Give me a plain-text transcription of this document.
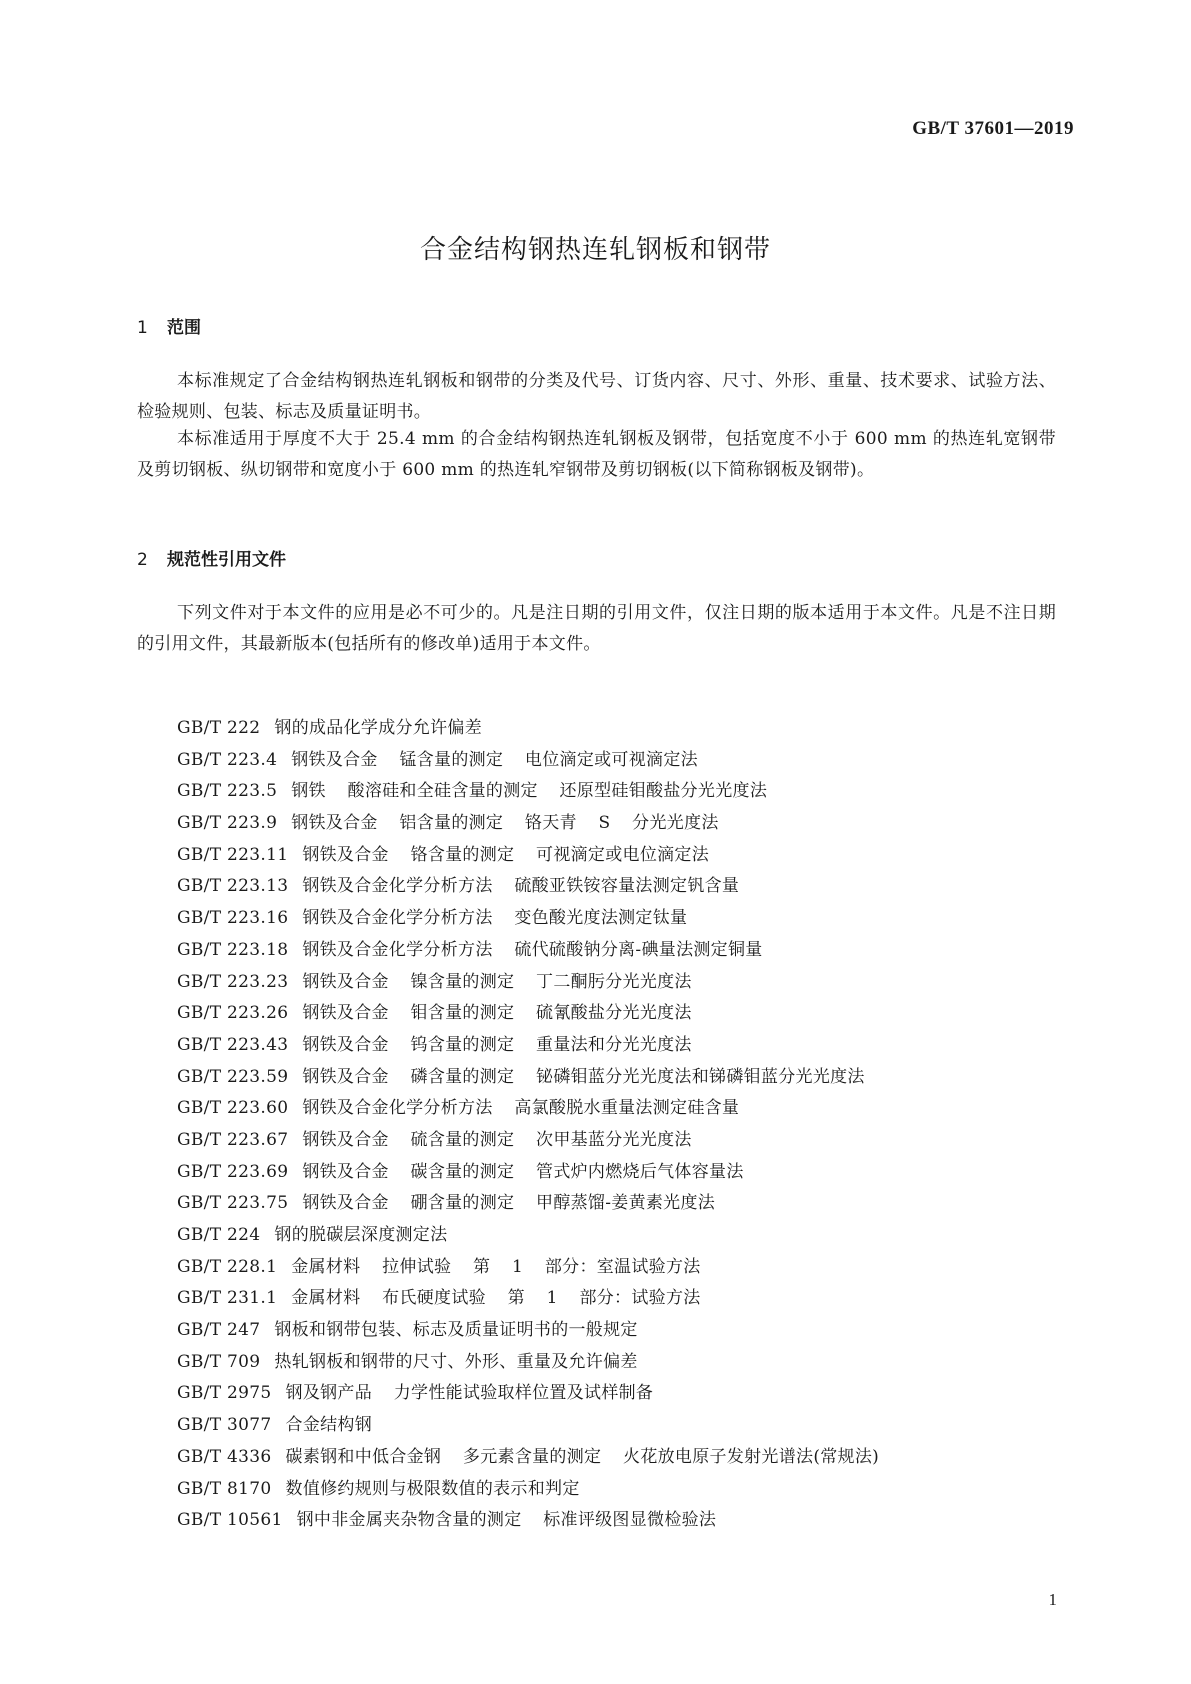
GB/T 37601—2019
合金结构钢热连轧钢板和钢带
1 范围

本标准规定了合金结构钢热连轧钢板和钢带的分类及代号、订货内容、尺寸、外形、重量、技术要求、试验方法、检验规则、包装、标志及质量证明书。

本标准适用于厚度不大于 25.4 mm 的合金结构钢热连轧钢板及钢带，包括宽度不小于 600 mm 的热连轧宽钢带及剪切钢板、纵切钢带和宽度小于 600 mm 的热连轧窄钢带及剪切钢板(以下简称钢板及钢带)。

2 规范性引用文件

下列文件对于本文件的应用是必不可少的。凡是注日期的引用文件，仅注日期的版本适用于本文件。凡是不注日期的引用文件，其最新版本(包括所有的修改单)适用于本文件。

GB/T 222 钢的成品化学成分允许偏差
GB/T 223.4 钢铁及合金 锰含量的测定 电位滴定或可视滴定法
GB/T 223.5 钢铁 酸溶硅和全硅含量的测定 还原型硅钼酸盐分光光度法
GB/T 223.9 钢铁及合金 铝含量的测定 铬天青 S 分光光度法
GB/T 223.11 钢铁及合金 铬含量的测定 可视滴定或电位滴定法
GB/T 223.13 钢铁及合金化学分析方法 硫酸亚铁铵容量法测定钒含量
GB/T 223.16 钢铁及合金化学分析方法 变色酸光度法测定钛量
GB/T 223.18 钢铁及合金化学分析方法 硫代硫酸钠分离-碘量法测定铜量
GB/T 223.23 钢铁及合金 镍含量的测定 丁二酮肟分光光度法
GB/T 223.26 钢铁及合金 钼含量的测定 硫氰酸盐分光光度法
GB/T 223.43 钢铁及合金 钨含量的测定 重量法和分光光度法
GB/T 223.59 钢铁及合金 磷含量的测定 铋磷钼蓝分光光度法和锑磷钼蓝分光光度法
GB/T 223.60 钢铁及合金化学分析方法 高氯酸脱水重量法测定硅含量
GB/T 223.67 钢铁及合金 硫含量的测定 次甲基蓝分光光度法
GB/T 223.69 钢铁及合金 碳含量的测定 管式炉内燃烧后气体容量法
GB/T 223.75 钢铁及合金 硼含量的测定 甲醇蒸馏-姜黄素光度法
GB/T 224 钢的脱碳层深度测定法
GB/T 228.1 金属材料 拉伸试验 第 1 部分：室温试验方法
GB/T 231.1 金属材料 布氏硬度试验 第 1 部分：试验方法
GB/T 247 钢板和钢带包装、标志及质量证明书的一般规定
GB/T 709 热轧钢板和钢带的尺寸、外形、重量及允许偏差
GB/T 2975 钢及钢产品 力学性能试验取样位置及试样制备
GB/T 3077 合金结构钢
GB/T 4336 碳素钢和中低合金钢 多元素含量的测定 火花放电原子发射光谱法(常规法)
GB/T 8170 数值修约规则与极限数值的表示和判定
GB/T 10561 钢中非金属夹杂物含量的测定 标准评级图显微检验法
1
